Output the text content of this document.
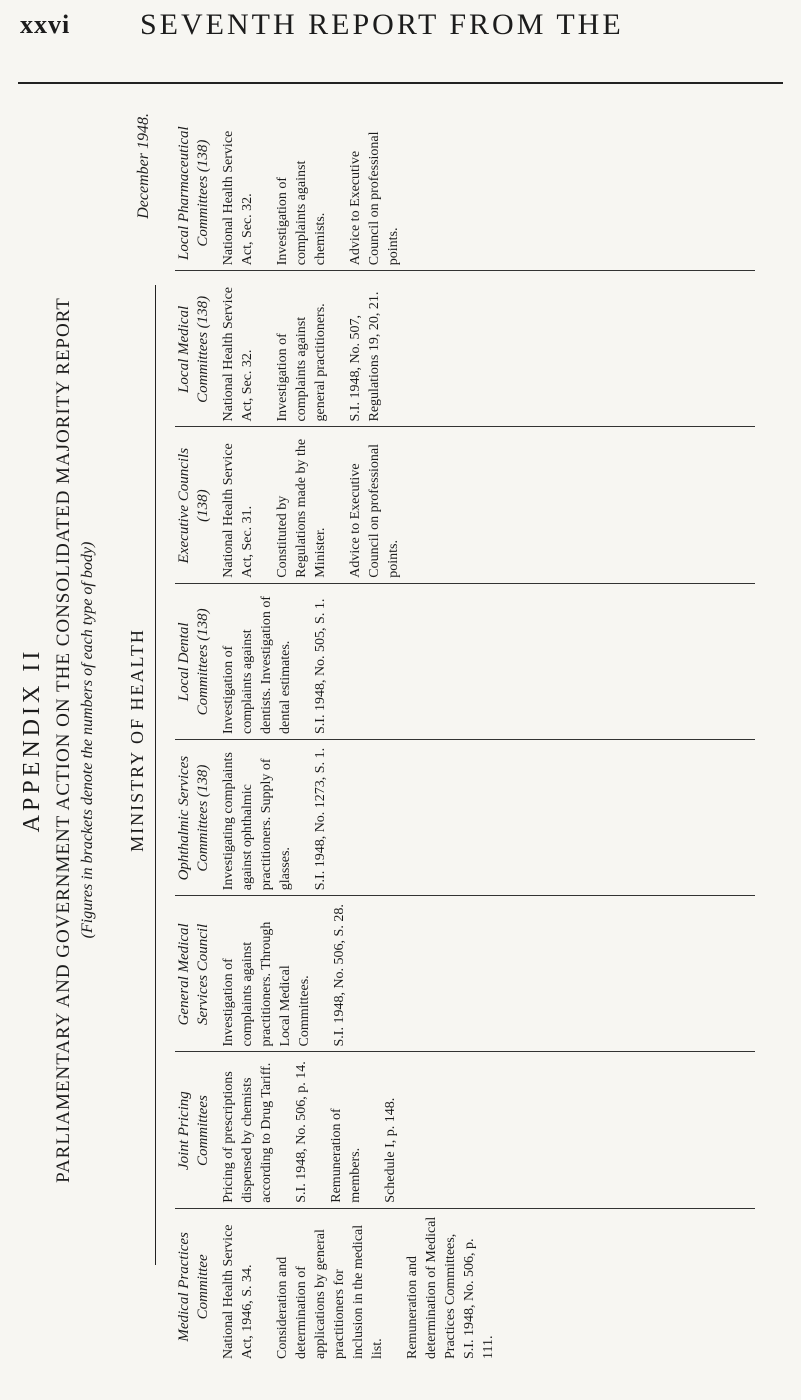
xxvi SEVENTH REPORT FROM THE
APPENDIX II PARLIAMENTARY AND GOVERNMENT ACTION ON THE CONSOLIDATED MAJORITY REPORT (Figures in brackets denote the numbers of each type of body)
December 1948.
MINISTRY OF HEALTH
Medical Practices Committee National Health Service Act, 1946, S. 34. Consideration and determination of applications by general practitioners for inclusion in the medical list. Remuneration and determination of Medical Practices Committees, S.I. 1948, No. 506, p. 111.

Joint Pricing Committees Pricing of prescriptions dispensed by chemists according to Drug Tariff. S.I. 1948, No. 506, p. 14. Remuneration of members. Schedule I, p. 148.

General Medical Services Council Investigation of complaints against practitioners. Through Local Medical Committees. S.I. 1948, No. 506, S. 28.

Ophthalmic Services Committees (138) Investigating complaints against ophthalmic practitioners. Supply of glasses. S.I. 1948, No. 1273, S. 1.

Local Dental Committees (138) Investigation of complaints against dentists. Investigation of dental estimates. S.I. 1948, No. 505, S. 1.

Executive Councils (138) National Health Service Act, Sec. 31. Constituted by Regulations made by the Minister. Advice to Executive Council on professional points.

Local Medical Committees (138) National Health Service Act, Sec. 32. Investigation of complaints against general practitioners. S.I. 1948, No. 507, Regulations 19, 20, 21.

Local Pharmaceutical Committees (138) National Health Service Act, Sec. 32. Investigation of complaints against chemists. Advice to Executive Council on professional points.
